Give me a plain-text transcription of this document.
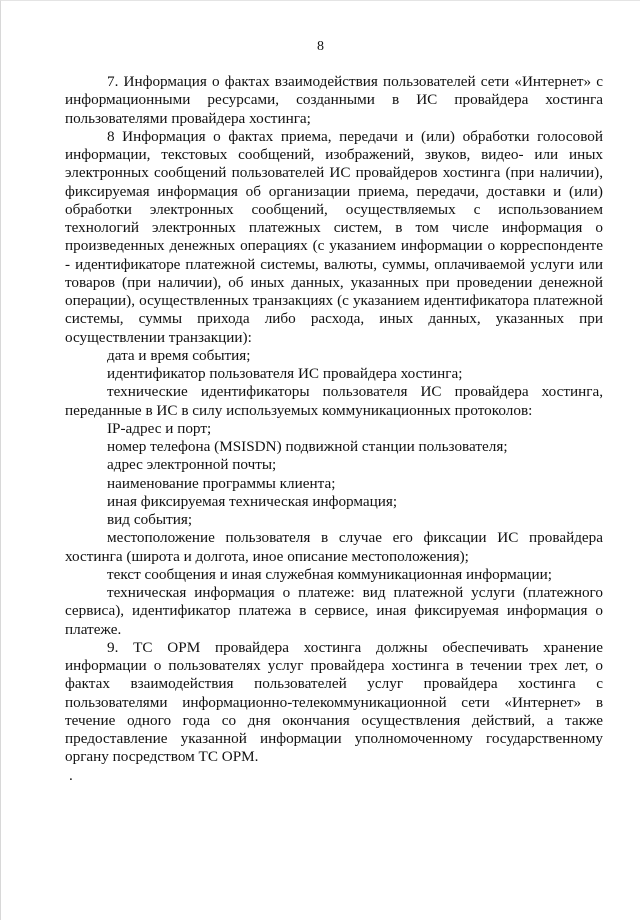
8

7. Информация о фактах взаимодействия пользователей сети «Интернет» с информационными ресурсами, созданными в ИС провайдера хостинга пользователями провайдера хостинга;

8 Информация о фактах приема, передачи и (или) обработки голосовой информации, текстовых сообщений, изображений, звуков, видео- или иных электронных сообщений пользователей ИС провайдеров хостинга (при наличии), фиксируемая информация об организации приема, передачи, доставки и (или) обработки электронных сообщений, осуществляемых с использованием технологий электронных платежных систем, в том числе информация о произведенных денежных операциях (с указанием информации о корреспонденте - идентификаторе платежной системы, валюты, суммы, оплачиваемой услуги или товаров (при наличии), об иных данных, указанных при проведении денежной операции), осуществленных транзакциях (с указанием идентификатора платежной системы, суммы прихода либо расхода, иных данных, указанных при осуществлении транзакции):

дата и время события;

идентификатор пользователя ИС провайдера хостинга;

технические идентификаторы пользователя ИС провайдера хостинга, переданные в ИС в силу используемых коммуникационных протоколов:

IP-адрес и порт;

номер телефона (MSISDN) подвижной станции пользователя;

адрес электронной почты;

наименование программы клиента;

иная фиксируемая техническая информация;

вид события;

местоположение пользователя в случае его фиксации ИС провайдера хостинга (широта и долгота, иное описание местоположения);

текст сообщения и иная служебная коммуникационная информации;

техническая информация о платеже: вид платежной услуги (платежного сервиса), идентификатор платежа в сервисе, иная фиксируемая информация о платеже.

9. ТС ОРМ провайдера хостинга должны обеспечивать хранение информации о пользователях услуг провайдера хостинга в течении трех лет, о фактах взаимодействия пользователей услуг провайдера хостинга с пользователями информационно-телекоммуникационной сети «Интернет» в течение одного года со дня окончания осуществления действий, а также предоставление указанной информации уполномоченному государственному органу посредством ТС ОРМ.

.
